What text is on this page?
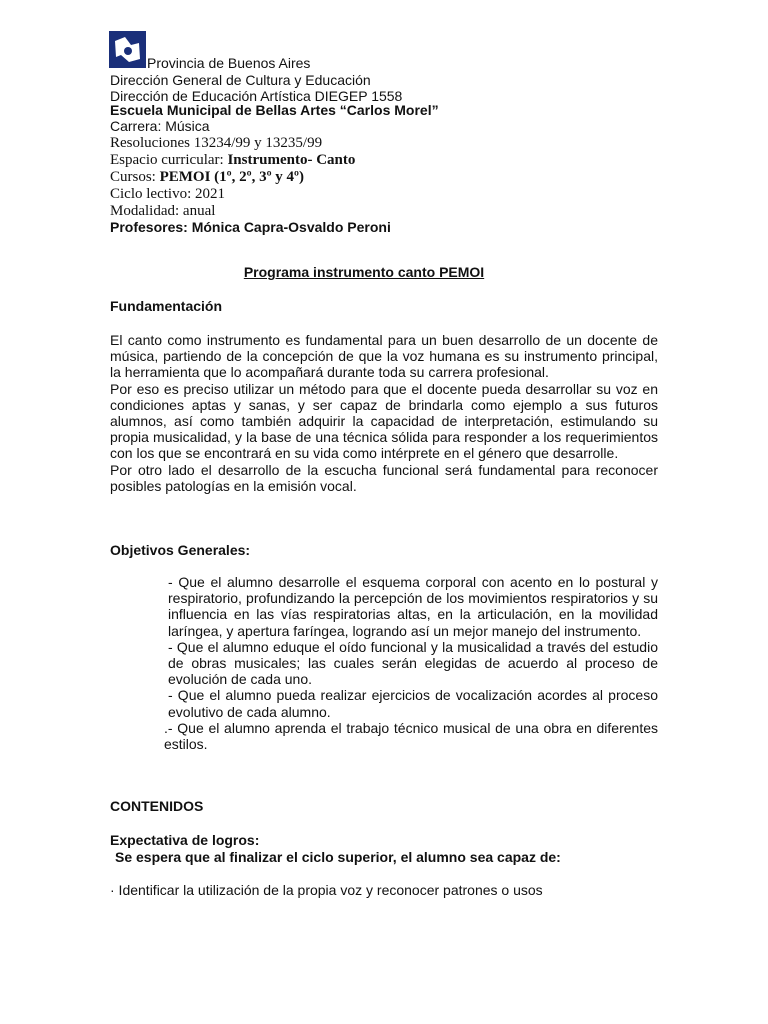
Provincia de Buenos Aires
Dirección General de Cultura y Educación
Dirección de Educación Artística DIEGEP 1558
Escuela Municipal de Bellas Artes “Carlos Morel”
Carrera: Música
Resoluciones 13234/99 y 13235/99
Espacio curricular: Instrumento- Canto
Cursos: PEMOI (1º, 2º, 3º y 4º)
Ciclo lectivo: 2021
Modalidad: anual
Profesores: Mónica Capra-Osvaldo Peroni
Programa instrumento canto PEMOI
Fundamentación

El canto como instrumento es fundamental para un buen desarrollo de un docente de música, partiendo de la concepción de que la voz humana es su instrumento principal, la herramienta que lo acompañará durante toda su carrera profesional.

Por eso es preciso utilizar un método para que el docente pueda desarrollar su voz en condiciones aptas y sanas, y ser capaz de brindarla como ejemplo a sus futuros alumnos, así como también adquirir la capacidad de interpretación, estimulando su propia musicalidad, y la base de una técnica sólida para responder a los requerimientos con los que se encontrará en su vida como intérprete en el género que desarrolle.

Por otro lado el desarrollo de la escucha funcional será fundamental para reconocer posibles patologías en la emisión vocal.

Objetivos Generales:

- Que el alumno desarrolle el esquema corporal con acento en lo postural y respiratorio, profundizando la percepción de los movimientos respiratorios y su influencia en las vías respiratorias altas, en la articulación, en la movilidad laríngea, y apertura faríngea, logrando así un mejor manejo del instrumento.

- Que el alumno eduque el oído funcional y la musicalidad a través del estudio de obras musicales; las cuales serán elegidas de acuerdo al proceso de evolución de cada uno.

- Que el alumno pueda realizar ejercicios de vocalización acordes al proceso evolutivo de cada alumno.

.- Que el alumno aprenda el trabajo técnico musical de una obra en diferentes estilos.

CONTENIDOS
Expectativa de logros:
Se espera que al finalizar el ciclo superior, el alumno sea capaz de:
· Identificar la utilización de la propia voz y reconocer patrones o usos
